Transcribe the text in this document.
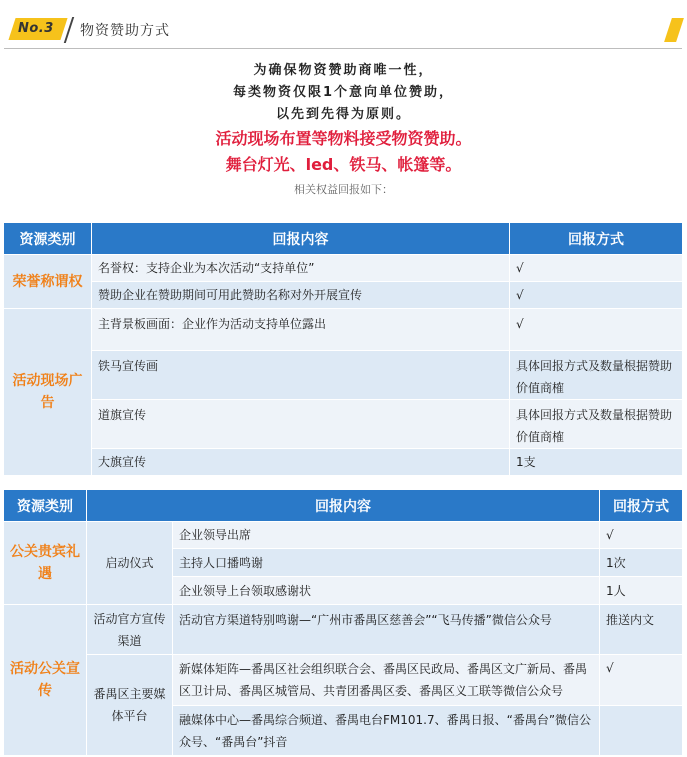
No.3 物资赞助方式
为确保物资赞助商唯一性，
每类物资仅限1个意向单位赞助，
以先到先得为原则。
活动现场布置等物料接受物资赞助。
舞台灯光、led、铁马、帐篷等。
相关权益回报如下：
资源类别	回报内容	回报方式
荣誉称谓权	名誉权：支持企业为本次活动“支持单位”	√
	赞助企业在赞助期间可用此赞助名称对外开展宣传	√
活动现场广告	主背景板画面：企业作为活动支持单位露出	√
	铁马宣传画	具体回报方式及数量根据赞助价值商榷
	道旗宣传	具体回报方式及数量根据赞助价值商榷
	大旗宣传	1支
资源类别	回报内容		回报方式
公关贵宾礼遇	启动仪式	企业领导出席	√
		主持人口播鸣谢	1次
		企业领导上台领取感谢状	1人
活动公关宣传	活动官方宣传渠道	活动官方渠道特别鸣谢—“广州市番禺区慈善会”“飞马传播”微信公众号	推送内文
	番禺区主要媒体平台	新媒体矩阵—番禺区社会组织联合会、番禺区民政局、番禺区文广新局、番禺区卫计局、番禺区城管局、共青团番禺区委、番禺区义工联等微信公众号	√
		融媒体中心—番禺综合频道、番禺电台FM101.7、番禺日报、“番禺台”微信公众号、“番禺台”抖音	
